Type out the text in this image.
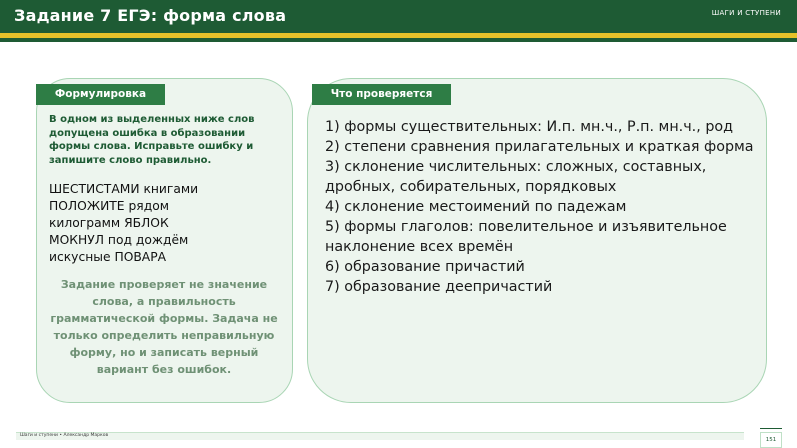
Задание 7 ЕГЭ: форма слова	ШАГИ И СТУПЕНИ
Формулировка
В одном из выделенных ниже слов допущена ошибка в образовании формы слова. Исправьте ошибку и запишите слово правильно.
ШЕСТИСТАМИ книгами
ПОЛОЖИТЕ рядом
килограмм ЯБЛОК
МОКНУЛ под дождём
искусные ПОВАРА
Задание проверяет не значение слова, а правильность грамматической формы. Задача не только определить неправильную форму, но и записать верный вариант без ошибок.
Что проверяется
1) формы существительных: И.п. мн.ч., Р.п. мн.ч., род
2) степени сравнения прилагательных и краткая форма
3) склонение числительных: сложных, составных, дробных, собирательных, порядковых
4) склонение местоимений по падежам
5) формы глаголов: повелительное и изъявительное наклонение всех времён
6) образование причастий
7) образование деепричастий
Шаги и ступени • Александр Марков
151
